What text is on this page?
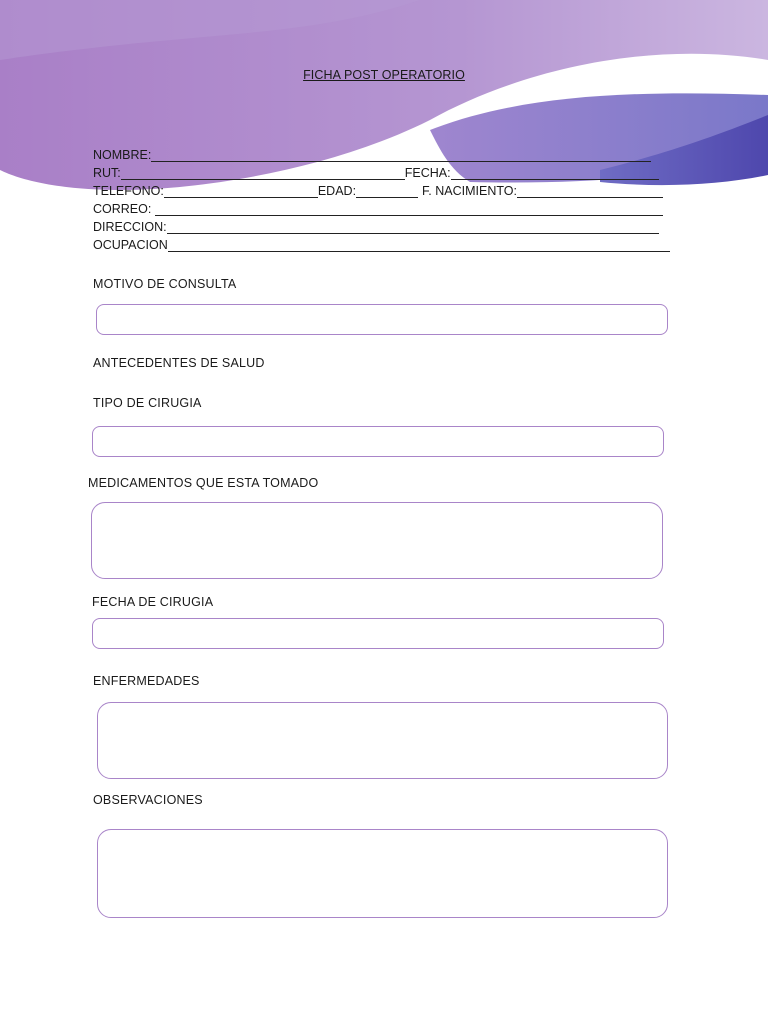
FICHA POST OPERATORIO
NOMBRE:
RUT:	FECHA:
TELEFONO:	EDAD:	F. NACIMIENTO:
CORREO:
DIRECCION:
OCUPACION
MOTIVO DE CONSULTA
ANTECEDENTES DE SALUD
TIPO DE CIRUGIA
MEDICAMENTOS QUE ESTA TOMADO
FECHA DE CIRUGIA
ENFERMEDADES
OBSERVACIONES
